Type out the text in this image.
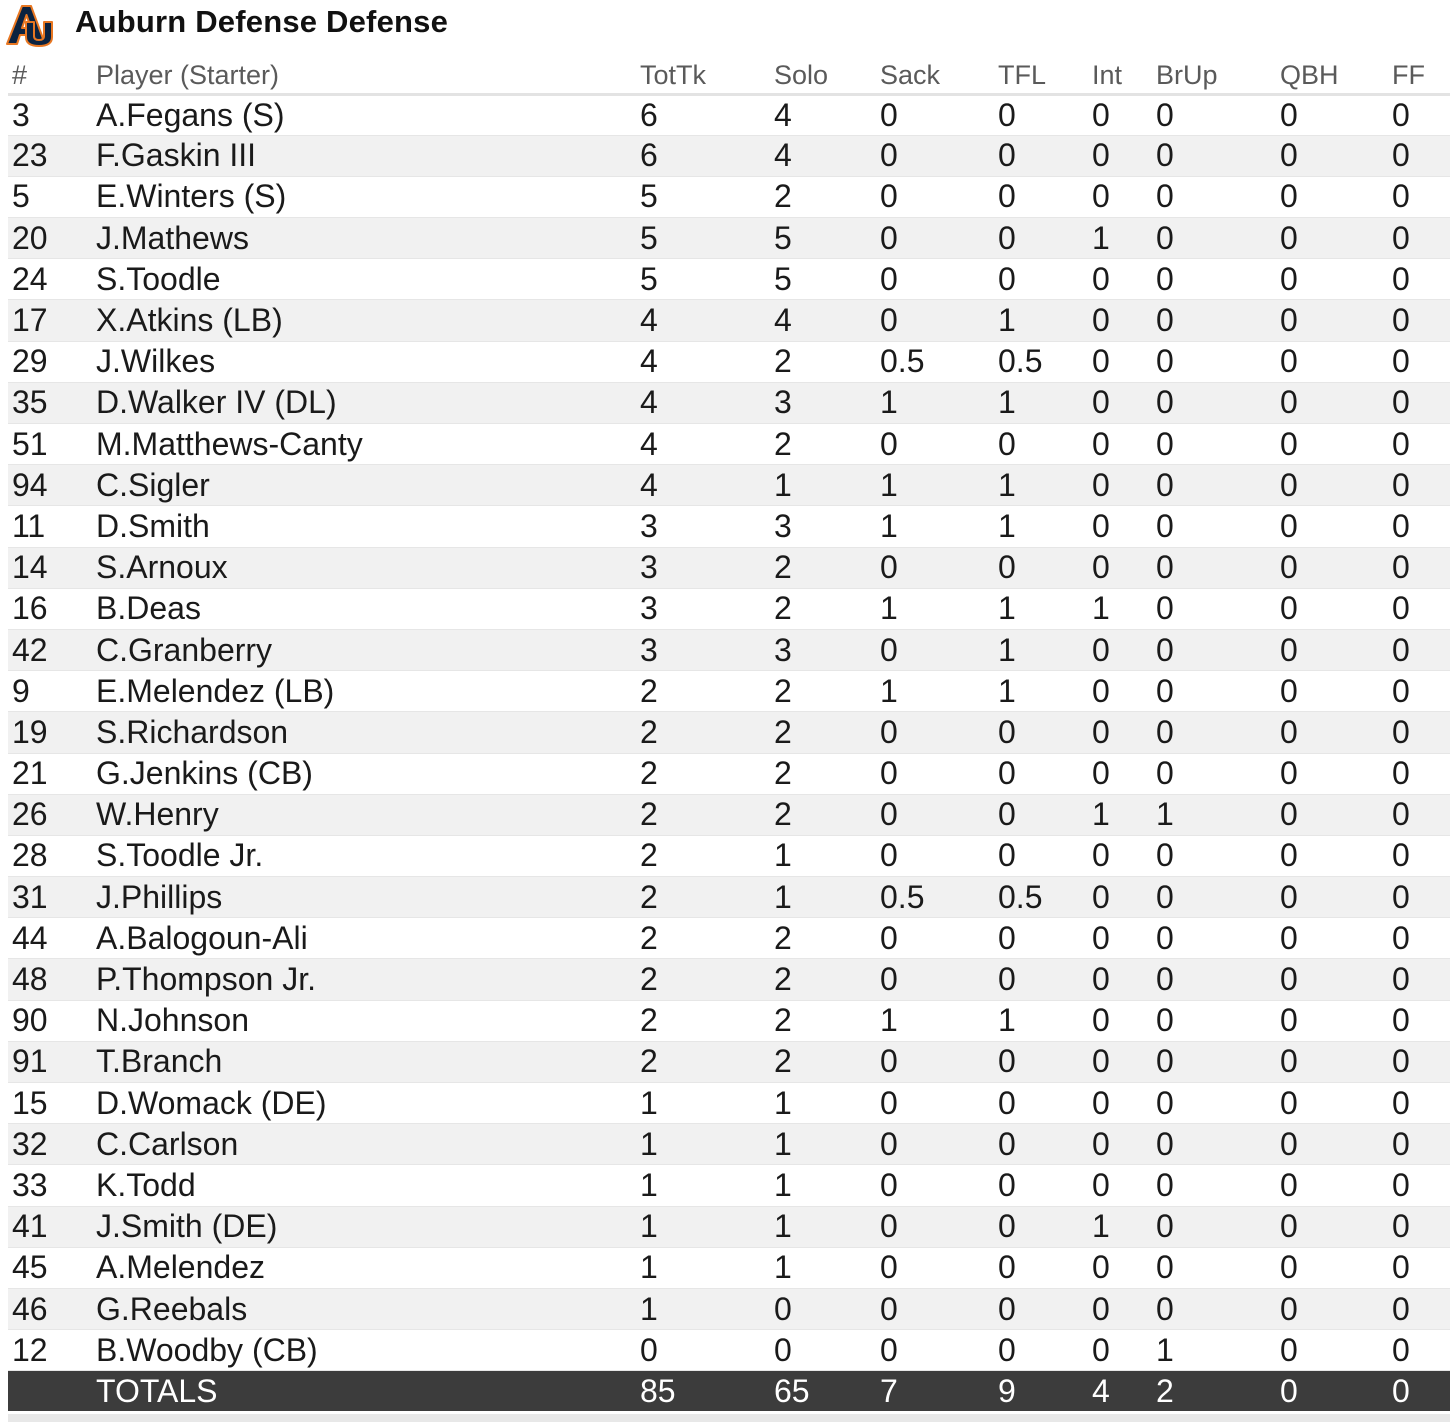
Auburn Defense Defense
#	Player (Starter)	TotTk	Solo	Sack	TFL	Int	BrUp	QBH	FF
3	A.Fegans (S)	6	4	0	0	0	0	0	0
23	F.Gaskin III	6	4	0	0	0	0	0	0
5	E.Winters (S)	5	2	0	0	0	0	0	0
20	J.Mathews	5	5	0	0	1	0	0	0
24	S.Toodle	5	5	0	0	0	0	0	0
17	X.Atkins (LB)	4	4	0	1	0	0	0	0
29	J.Wilkes	4	2	0.5	0.5	0	0	0	0
35	D.Walker IV (DL)	4	3	1	1	0	0	0	0
51	M.Matthews-Canty	4	2	0	0	0	0	0	0
94	C.Sigler	4	1	1	1	0	0	0	0
11	D.Smith	3	3	1	1	0	0	0	0
14	S.Arnoux	3	2	0	0	0	0	0	0
16	B.Deas	3	2	1	1	1	0	0	0
42	C.Granberry	3	3	0	1	0	0	0	0
9	E.Melendez (LB)	2	2	1	1	0	0	0	0
19	S.Richardson	2	2	0	0	0	0	0	0
21	G.Jenkins (CB)	2	2	0	0	0	0	0	0
26	W.Henry	2	2	0	0	1	1	0	0
28	S.Toodle Jr.	2	1	0	0	0	0	0	0
31	J.Phillips	2	1	0.5	0.5	0	0	0	0
44	A.Balogoun-Ali	2	2	0	0	0	0	0	0
48	P.Thompson Jr.	2	2	0	0	0	0	0	0
90	N.Johnson	2	2	1	1	0	0	0	0
91	T.Branch	2	2	0	0	0	0	0	0
15	D.Womack (DE)	1	1	0	0	0	0	0	0
32	C.Carlson	1	1	0	0	0	0	0	0
33	K.Todd	1	1	0	0	0	0	0	0
41	J.Smith (DE)	1	1	0	0	1	0	0	0
45	A.Melendez	1	1	0	0	0	0	0	0
46	G.Reebals	1	0	0	0	0	0	0	0
12	B.Woodby (CB)	0	0	0	0	0	1	0	0
	TOTALS	85	65	7	9	4	2	0	0
